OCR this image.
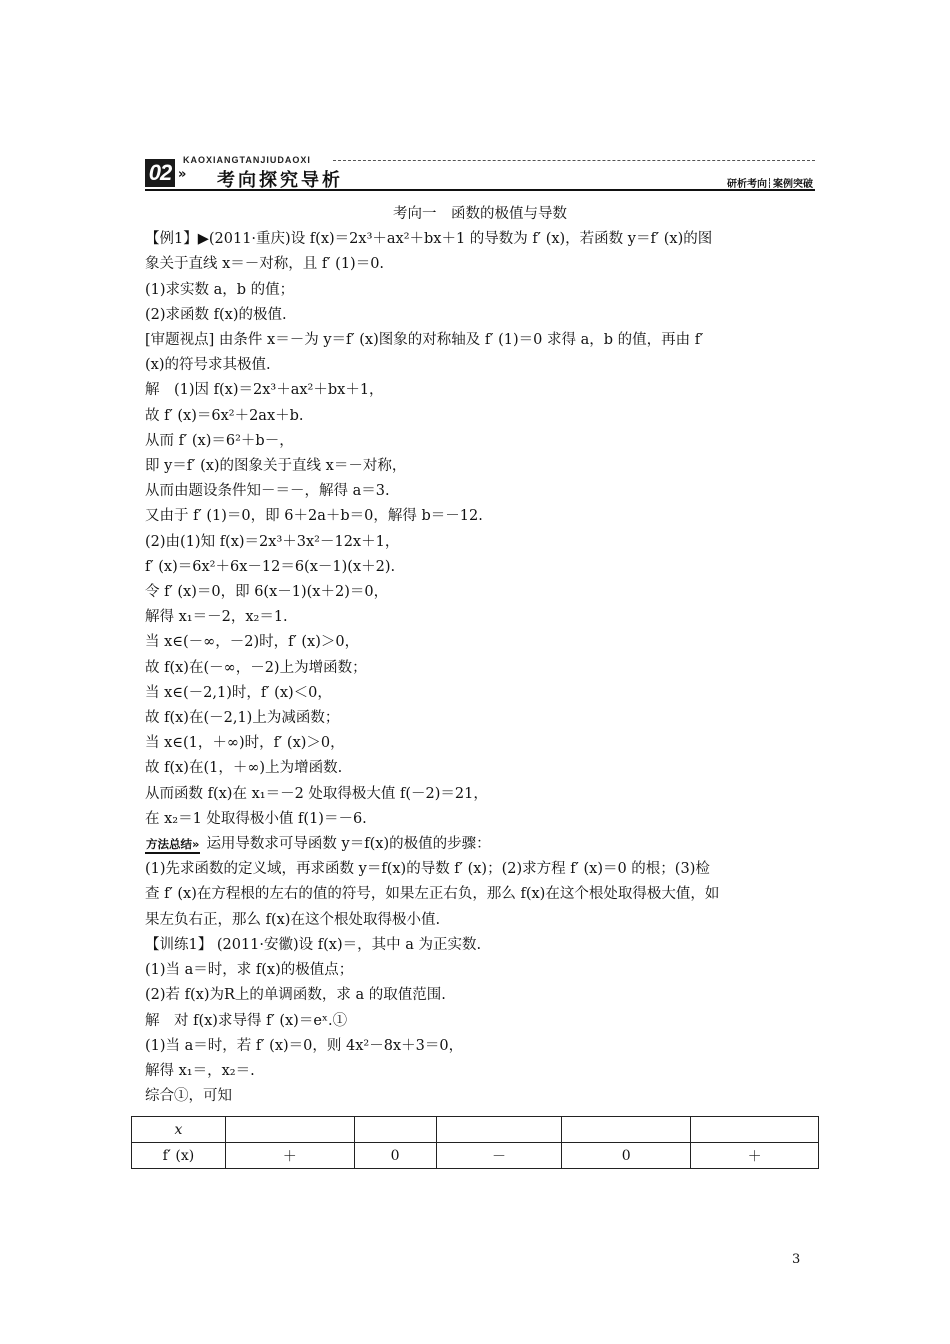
02	KAOXIANGTANJIUDAOXI
» 考向探究导析	研析考向 案例突破

考向一　函数的极值与导数

【例1】▶(2011·重庆)设 f(x)＝2x³＋ax²＋bx＋1 的导数为 f′ (x)，若函数 y＝f′ (x)的图

象关于直线 x＝－对称，且 f′ (1)＝0.

(1)求实数 a，b 的值；

(2)求函数 f(x)的极值.

[审题视点] 由条件 x＝－为 y＝f′ (x)图象的对称轴及 f′ (1)＝0 求得 a，b 的值，再由 f′

(x)的符号求其极值.

解　(1)因 f(x)＝2x³＋ax²＋bx＋1，

故 f′ (x)＝6x²＋2ax＋b.

从而 f′ (x)＝6²＋b－，

即 y＝f′ (x)的图象关于直线 x＝－对称，

从而由题设条件知－＝－，解得 a＝3.

又由于 f′ (1)＝0，即 6＋2a＋b＝0，解得 b＝－12.

(2)由(1)知 f(x)＝2x³＋3x²－12x＋1，

f′ (x)＝6x²＋6x－12＝6(x－1)(x＋2).

令 f′ (x)＝0，即 6(x－1)(x＋2)＝0，

解得 x₁＝－2，x₂＝1.

当 x∈(－∞，－2)时，f′ (x)＞0，

故 f(x)在(－∞，－2)上为增函数；

当 x∈(－2,1)时，f′ (x)＜0，

故 f(x)在(－2,1)上为减函数；

当 x∈(1，＋∞)时，f′ (x)＞0，

故 f(x)在(1，＋∞)上为增函数.

从而函数 f(x)在 x₁＝－2 处取得极大值 f(－2)＝21，

在 x₂＝1 处取得极小值 f(1)＝－6.

方法总结» 运用导数求可导函数 y＝f(x)的极值的步骤：

(1)先求函数的定义域，再求函数 y＝f(x)的导数 f′ (x)；(2)求方程 f′ (x)＝0 的根；(3)检

查 f′ (x)在方程根的左右的值的符号，如果左正右负，那么 f(x)在这个根处取得极大值，如

果左负右正，那么 f(x)在这个根处取得极小值.

【训练1】 (2011·安徽)设 f(x)＝，其中 a 为正实数.

(1)当 a＝时，求 f(x)的极值点；

(2)若 f(x)为R上的单调函数，求 a 的取值范围.

解　对 f(x)求导得 f′ (x)＝eˣ.①

(1)当 a＝时，若 f′ (x)＝0，则 4x²－8x＋3＝0，

解得 x₁＝，x₂＝.

综合①，可知

x					
f′ (x)	＋	0	－	0	＋
3
